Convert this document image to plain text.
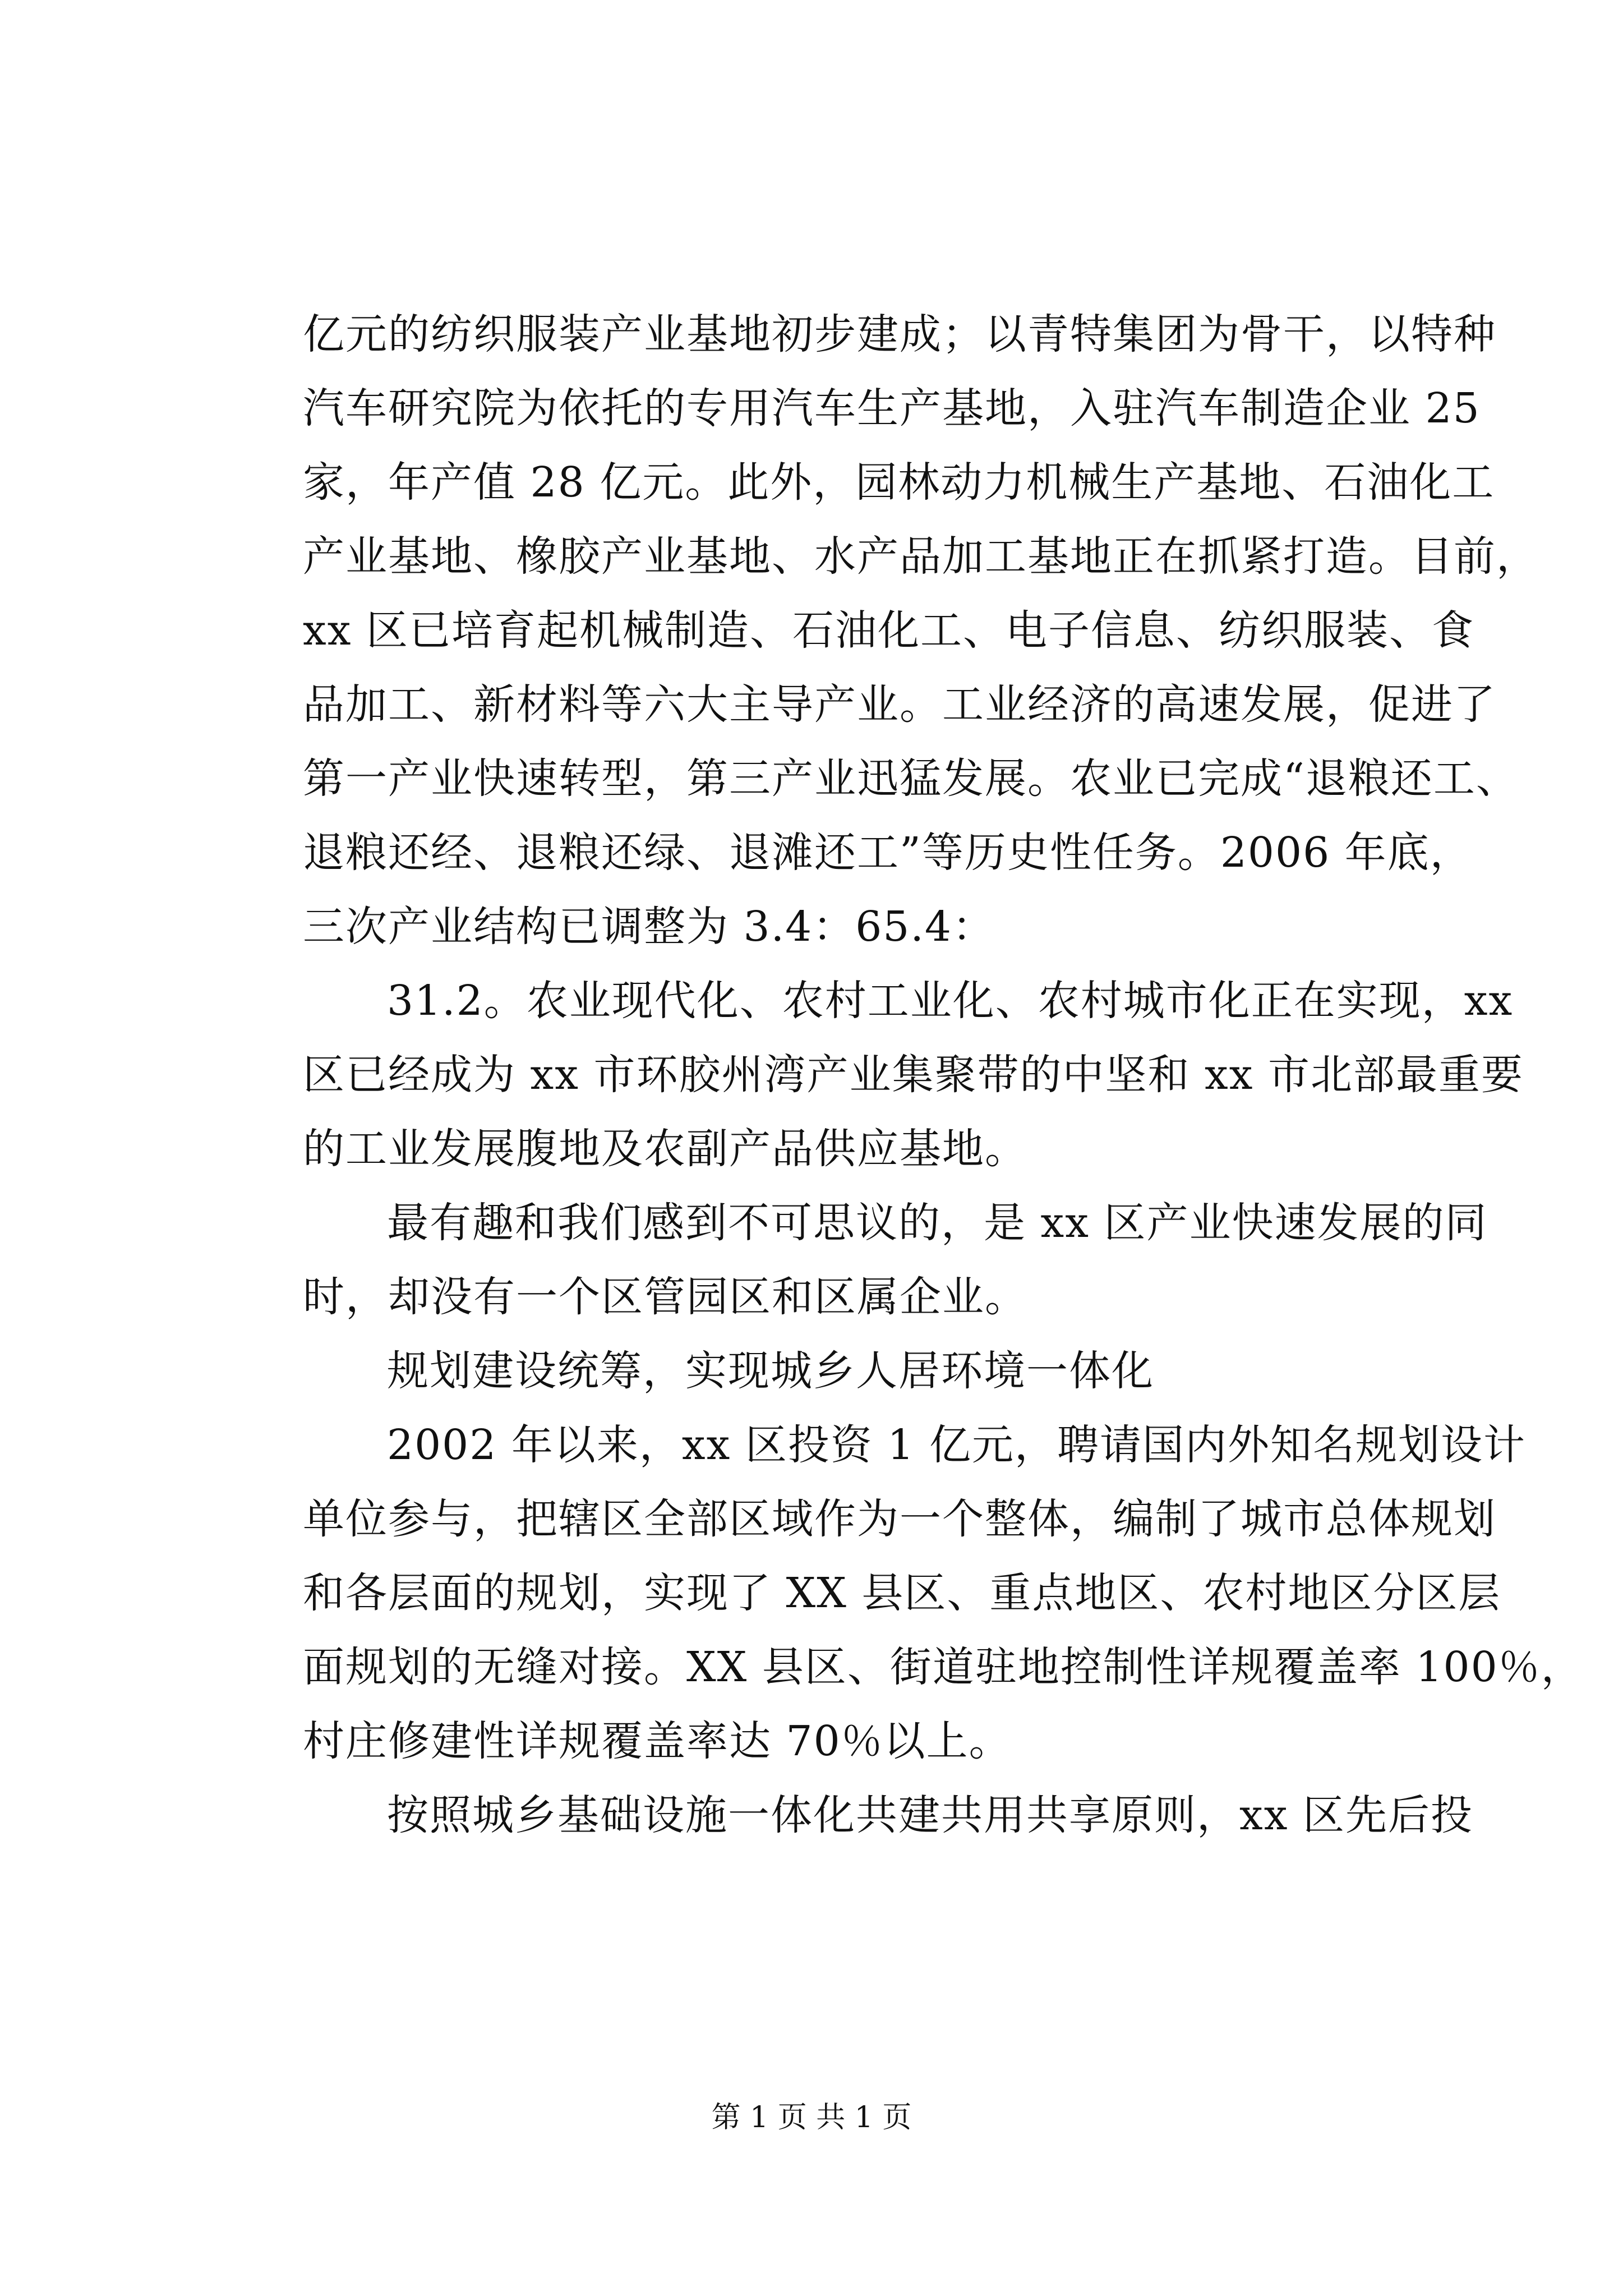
亿元的纺织服装产业基地初步建成；以青特集团为骨干，以特种

汽车研究院为依托的专用汽车生产基地，入驻汽车制造企业 25

家，年产值 28 亿元。此外，园林动力机械生产基地、石油化工

产业基地、橡胶产业基地、水产品加工基地正在抓紧打造。目前，

xx 区已培育起机械制造、石油化工、电子信息、纺织服装、食

品加工、新材料等六大主导产业。工业经济的高速发展，促进了

第一产业快速转型，第三产业迅猛发展。农业已完成“退粮还工、

退粮还经、退粮还绿、退滩还工”等历史性任务。2006 年底，

三次产业结构已调整为 3.4：65.4：

31.2。农业现代化、农村工业化、农村城市化正在实现，xx

区已经成为 xx 市环胶州湾产业集聚带的中坚和 xx 市北部最重要

的工业发展腹地及农副产品供应基地。

最有趣和我们感到不可思议的，是 xx 区产业快速发展的同

时，却没有一个区管园区和区属企业。

规划建设统筹，实现城乡人居环境一体化

2002 年以来，xx 区投资 1 亿元，聘请国内外知名规划设计

单位参与，把辖区全部区域作为一个整体，编制了城市总体规划

和各层面的规划，实现了 XX 县区、重点地区、农村地区分区层

面规划的无缝对接。XX 县区、街道驻地控制性详规覆盖率 100％，

村庄修建性详规覆盖率达 70％以上。

按照城乡基础设施一体化共建共用共享原则，xx 区先后投

第 1 页 共 1 页
